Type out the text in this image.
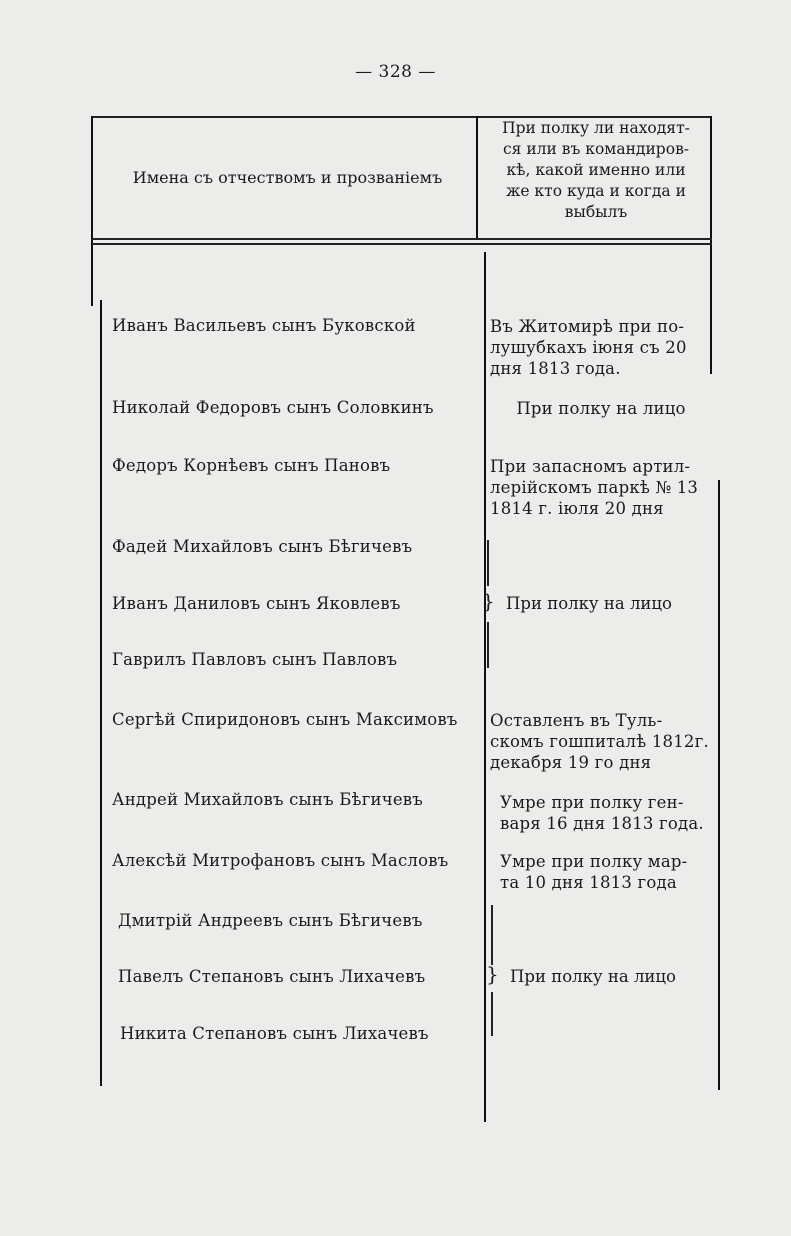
— 328 —
Имена съ отчествомъ и прозваніемъ
При полку ли находят-
ся или въ командиров-
кѣ, какой именно или
же кто куда и когда и
выбылъ
Иванъ Васильевъ сынъ Буковской	Въ Житомирѣ при по-
лушубкахъ іюня съ 20
дня 1813 года.
Николай Федоровъ сынъ Соловкинъ	При полку на лицо
Федоръ Корнѣевъ сынъ Пановъ	При запасномъ артил-
лерійскомъ паркѣ № 13
1814 г. іюля 20 дня
Фадей Михайловъ сынъ Бѣгичевъ
Иванъ Даниловъ сынъ Яковлевъ
Гаврилъ Павловъ сынъ Павловъ
} При полку на лицо
Сергѣй Спиридоновъ сынъ Максимовъ	Оставленъ въ Туль-
скомъ гошпиталѣ 1812г.
декабря 19 го дня
Андрей Михайловъ сынъ Бѣгичевъ	Умре при полку ген-
варя 16 дня 1813 года.
Алексѣй Митрофановъ сынъ Масловъ	Умре при полку мар-
та 10 дня 1813 года
Дмитрій Андреевъ сынъ Бѣгичевъ
Павелъ Степановъ сынъ Лихачевъ
Никита Степановъ сынъ Лихачевъ
} При полку на лицо
